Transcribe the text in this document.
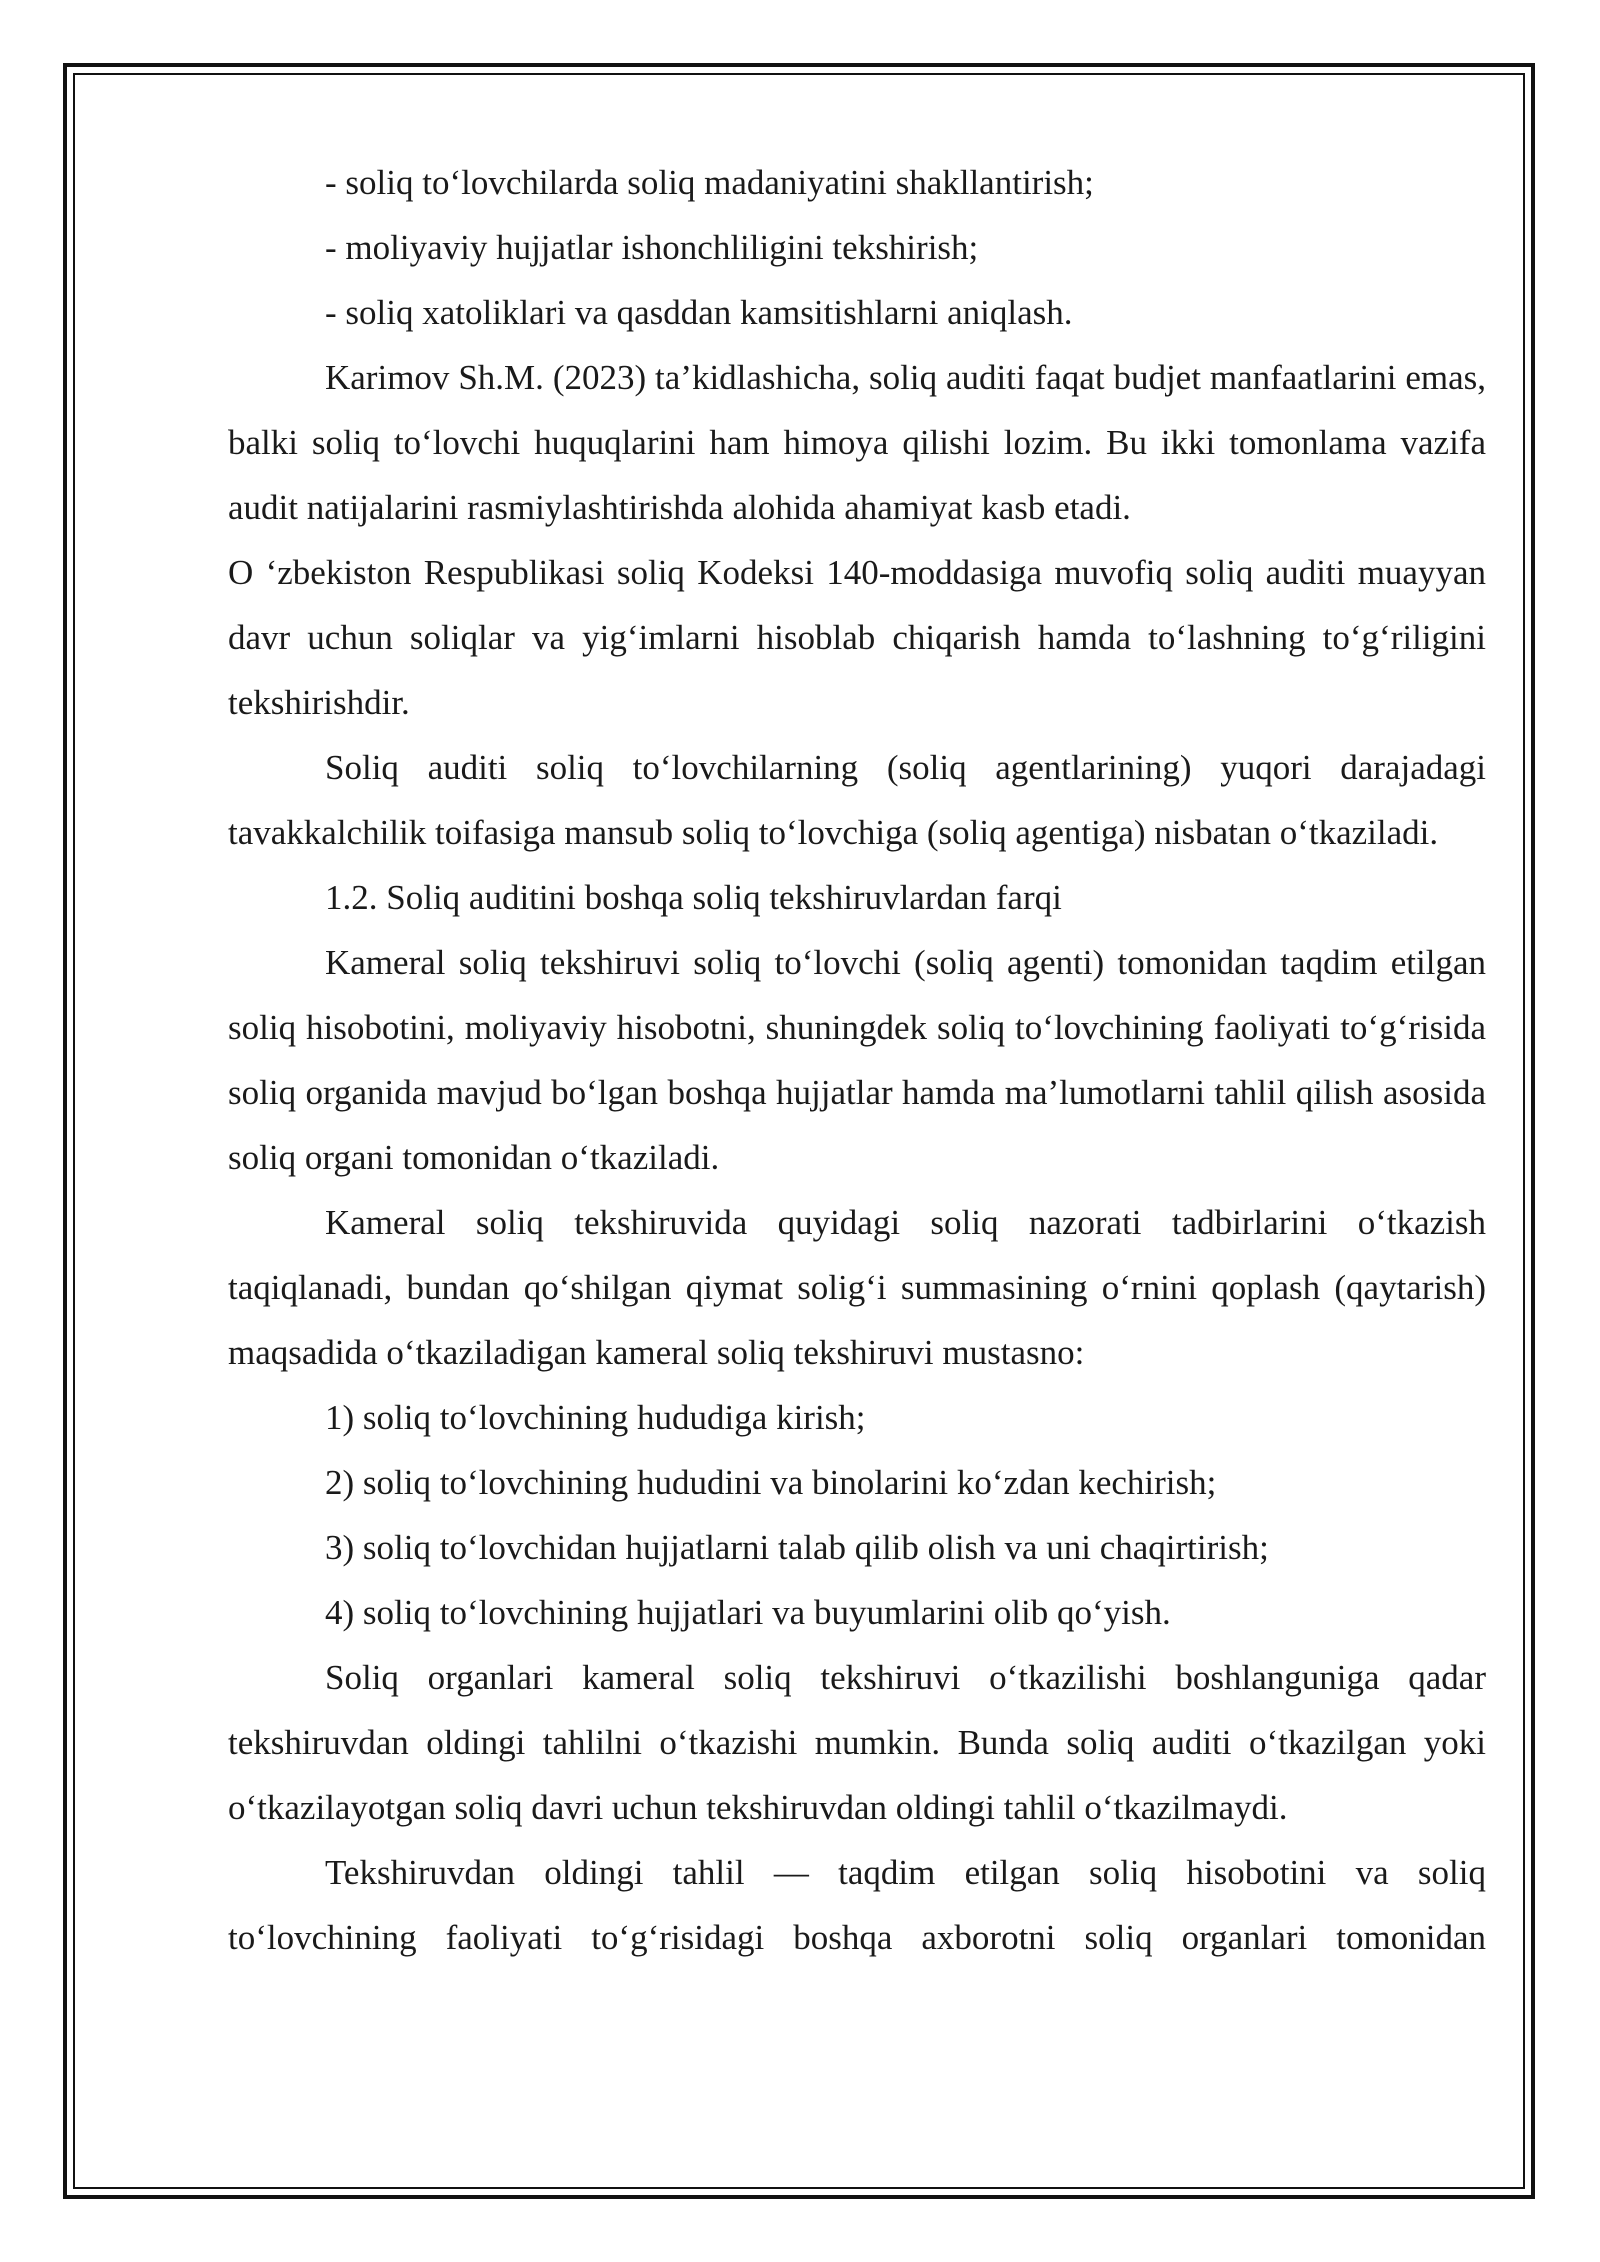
- soliq to‘lovchilarda soliq madaniyatini shakllantirish;

- moliyaviy hujjatlar ishonchliligini tekshirish;

- soliq xatoliklari va qasddan kamsitishlarni aniqlash.

Karimov Sh.M. (2023) ta’kidlashicha, soliq auditi faqat budjet manfaatlarini emas, balki soliq to‘lovchi huquqlarini ham himoya qilishi lozim. Bu ikki tomonlama vazifa audit natijalarini rasmiylashtirishda alohida ahamiyat kasb etadi.

O ‘zbekiston Respublikasi soliq Kodeksi 140-moddasiga muvofiq soliq auditi muayyan davr uchun soliqlar va yig‘imlarni hisoblab chiqarish hamda to‘lashning to‘g‘riligini tekshirishdir.

Soliq auditi soliq to‘lovchilarning (soliq agentlarining) yuqori darajadagi tavakkalchilik toifasiga mansub soliq to‘lovchiga (soliq agentiga) nisbatan o‘tkaziladi.

1.2. Soliq auditini boshqa soliq tekshiruvlardan farqi

Kameral soliq tekshiruvi soliq to‘lovchi (soliq agenti) tomonidan taqdim etilgan soliq hisobotini, moliyaviy hisobotni, shuningdek soliq to‘lovchining faoliyati to‘g‘risida soliq organida mavjud bo‘lgan boshqa hujjatlar hamda ma’lumotlarni tahlil qilish asosida soliq organi tomonidan o‘tkaziladi.

Kameral soliq tekshiruvida quyidagi soliq nazorati tadbirlarini o‘tkazish taqiqlanadi, bundan qo‘shilgan qiymat solig‘i summasining o‘rnini qoplash (qaytarish) maqsadida o‘tkaziladigan kameral soliq tekshiruvi mustasno:

1) soliq to‘lovchining hududiga kirish;

2) soliq to‘lovchining hududini va binolarini ko‘zdan kechirish;

3) soliq to‘lovchidan hujjatlarni talab qilib olish va uni chaqirtirish;

4) soliq to‘lovchining hujjatlari va buyumlarini olib qo‘yish.

Soliq organlari kameral soliq tekshiruvi o‘tkazilishi boshlanguniga qadar tekshiruvdan oldingi tahlilni o‘tkazishi mumkin. Bunda soliq auditi o‘tkazilgan yoki o‘tkazilayotgan soliq davri uchun tekshiruvdan oldingi tahlil o‘tkazilmaydi.

Tekshiruvdan oldingi tahlil — taqdim etilgan soliq hisobotini va soliq to‘lovchining faoliyati to‘g‘risidagi boshqa axborotni soliq organlari tomonidan
